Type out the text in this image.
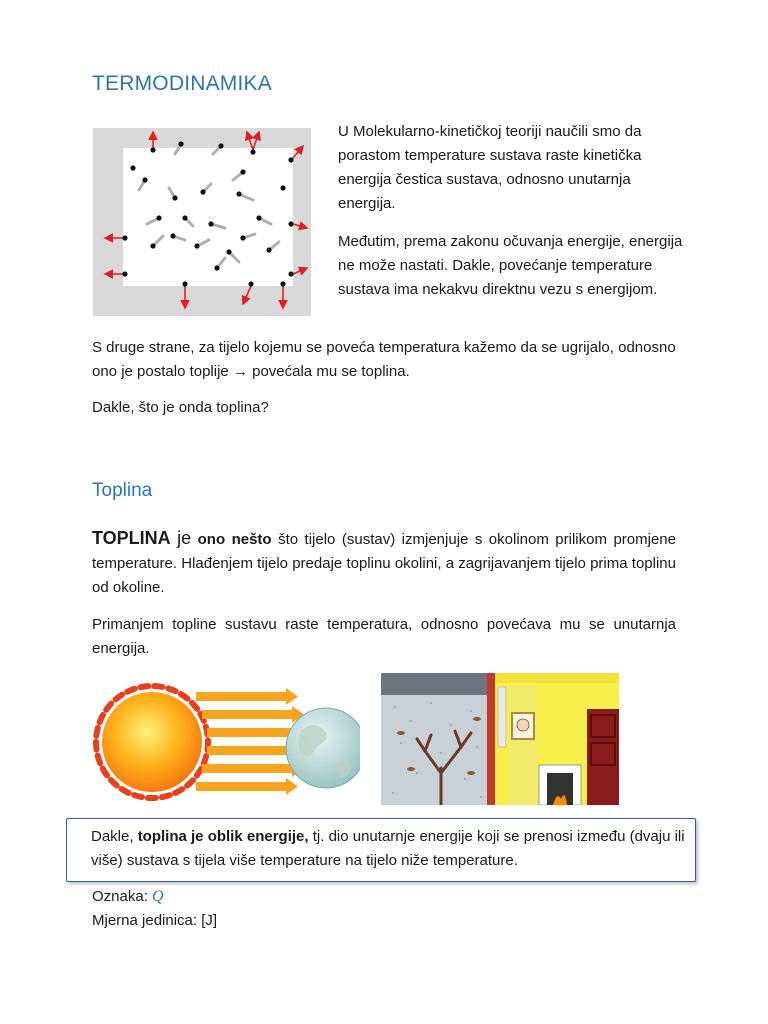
TERMODINAMIKA
U Molekularno-kinetičkoj teoriji naučili smo da porastom temperature sustava raste kinetička energija čestica sustava, odnosno unutarnja energija.
Međutim, prema zakonu očuvanja energije, energija ne može nastati. Dakle, povećanje temperature sustava ima nekakvu direktnu vezu s energijom.
S druge strane, za tijelo kojemu se poveća temperatura kažemo da se ugrijalo, odnosno ono je postalo toplije → povećala mu se toplina.
Dakle, što je onda toplina?
Toplina
TOPLINA je ono nešto što tijelo (sustav) izmjenjuje s okolinom prilikom promjene temperature. Hlađenjem tijelo predaje toplinu okolini, a zagrijavanjem tijelo prima toplinu od okoline.
Primanjem topline sustavu raste temperatura, odnosno povećava mu se unutarnja energija.
Dakle, toplina je oblik energije, tj. dio unutarnje energije koji se prenosi između (dvaju ili više) sustava s tijela više temperature na tijelo niže temperature.
Oznaka: Q
Mjerna jedinica: [J]
